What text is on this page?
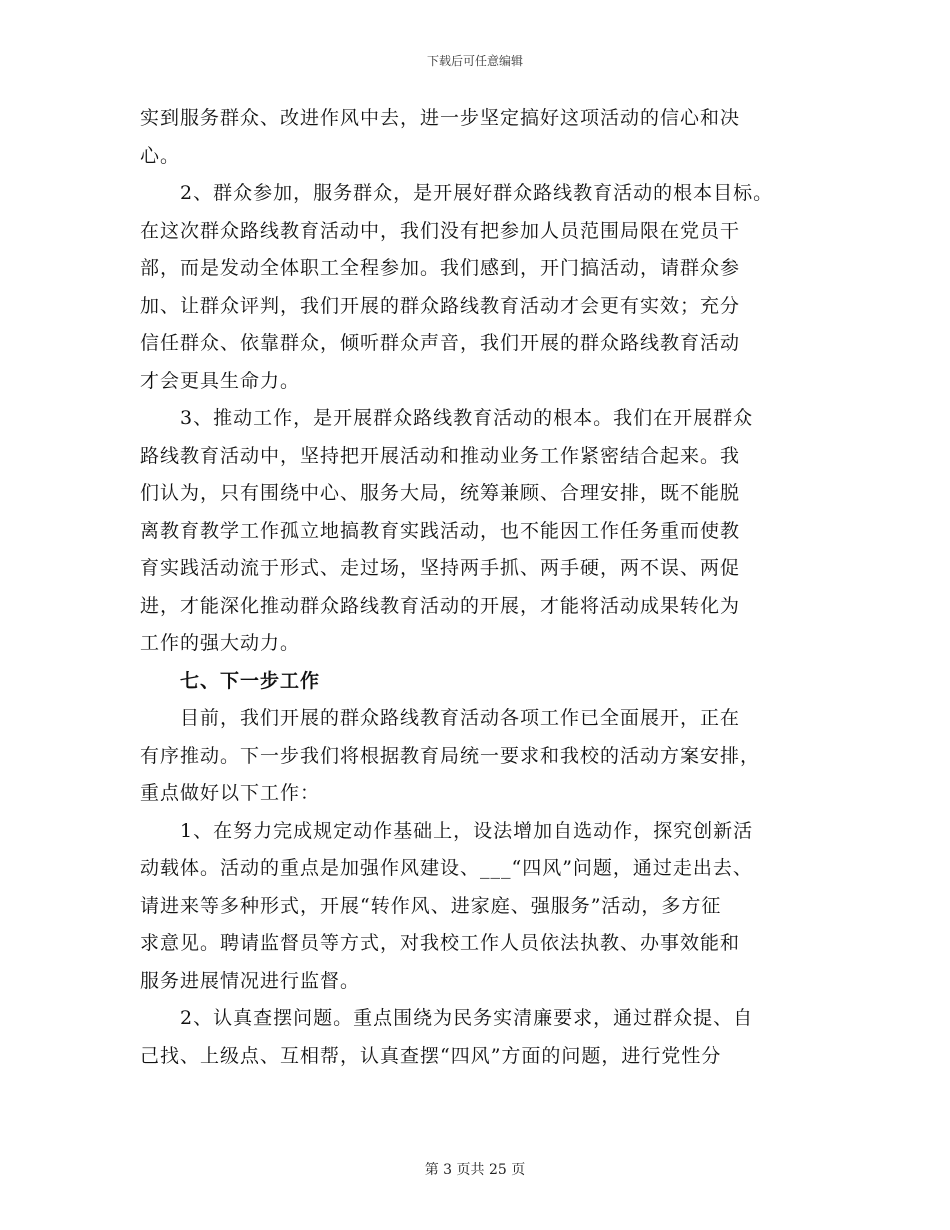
下载后可任意编辑
实到服务群众、改进作风中去，进一步坚定搞好这项活动的信心和决
心。
2、群众参加，服务群众，是开展好群众路线教育活动的根本目标。
在这次群众路线教育活动中，我们没有把参加人员范围局限在党员干
部，而是发动全体职工全程参加。我们感到，开门搞活动，请群众参
加、让群众评判，我们开展的群众路线教育活动才会更有实效；充分
信任群众、依靠群众，倾听群众声音，我们开展的群众路线教育活动
才会更具生命力。
3、推动工作，是开展群众路线教育活动的根本。我们在开展群众
路线教育活动中，坚持把开展活动和推动业务工作紧密结合起来。我
们认为，只有围绕中心、服务大局，统筹兼顾、合理安排，既不能脱
离教育教学工作孤立地搞教育实践活动，也不能因工作任务重而使教
育实践活动流于形式、走过场，坚持两手抓、两手硬，两不误、两促
进，才能深化推动群众路线教育活动的开展，才能将活动成果转化为
工作的强大动力。
七、下一步工作
目前，我们开展的群众路线教育活动各项工作已全面展开，正在
有序推动。下一步我们将根据教育局统一要求和我校的活动方案安排，
重点做好以下工作：
1、在努力完成规定动作基础上，设法增加自选动作，探究创新活
动载体。活动的重点是加强作风建设、___“四风”问题，通过走出去、
请进来等多种形式，开展“转作风、进家庭、强服务”活动，多方征
求意见。聘请监督员等方式，对我校工作人员依法执教、办事效能和
服务进展情况进行监督。
2、认真查摆问题。重点围绕为民务实清廉要求，通过群众提、自
己找、上级点、互相帮，认真查摆“四风”方面的问题，进行党性分
第 3 页共 25 页
